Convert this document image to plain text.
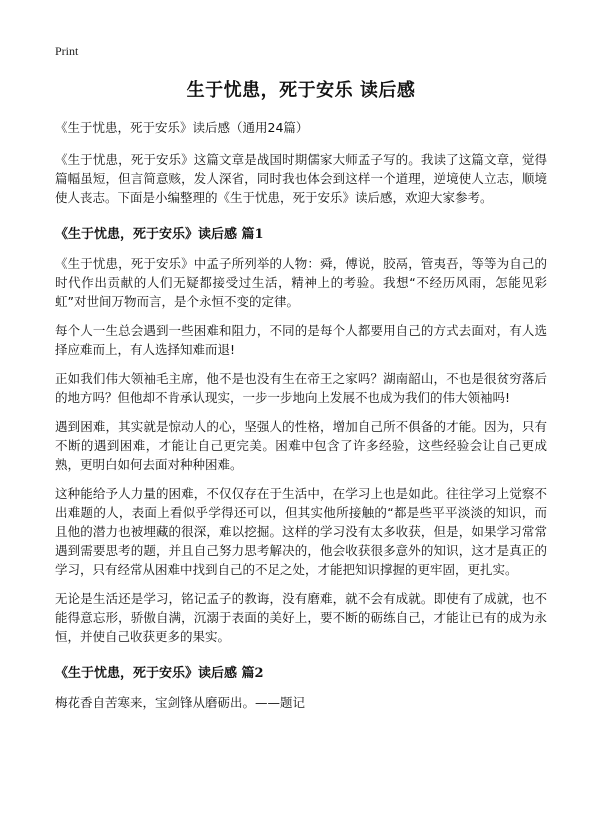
Print
生于忧患，死于安乐 读后感
《生于忧患，死于安乐》读后感（通用24篇）

《生于忧患，死于安乐》这篇文章是战国时期儒家大师孟子写的。我读了这篇文章，觉得篇幅虽短，但言简意赅，发人深省，同时我也体会到这样一个道理，逆境使人立志，顺境使人丧志。下面是小编整理的《生于忧患，死于安乐》读后感，欢迎大家参考。

《生于忧患，死于安乐》读后感 篇1

《生于忧患，死于安乐》中孟子所列举的人物：舜，傅说，胶鬲，管夷吾，等等为自己的时代作出贡献的人们无疑都接受过生活，精神上的考验。我想“不经历风雨，怎能见彩虹”对世间万物而言，是个永恒不变的定律。

每个人一生总会遇到一些困难和阻力，不同的是每个人都要用自己的方式去面对，有人选择应难而上，有人选择知难而退!

正如我们伟大领袖毛主席，他不是也没有生在帝王之家吗？湖南韶山，不也是很贫穷落后的地方吗？但他却不肯承认现实，一步一步地向上发展不也成为我们的伟大领袖吗!

遇到困难，其实就是惊动人的心，坚强人的性格，增加自己所不俱备的才能。因为，只有不断的遇到困难，才能让自己更完美。困难中包含了许多经验，这些经验会让自己更成熟，更明白如何去面对种种困难。

这种能给予人力量的困难，不仅仅存在于生活中，在学习上也是如此。往往学习上觉察不出难题的人，表面上看似乎学得还可以，但其实他所接触的“都是些平平淡淡的知识，而且他的潜力也被埋藏的很深，难以挖掘。这样的学习没有太多收获，但是，如果学习常常遇到需要思考的题，并且自己努力思考解决的，他会收获很多意外的知识，这才是真正的学习，只有经常从困难中找到自己的不足之处，才能把知识撑握的更牢固，更扎实。

无论是生活还是学习，铭记孟子的教诲，没有磨难，就不会有成就。即使有了成就，也不能得意忘形，骄傲自满，沉溺于表面的美好上，要不断的砺练自己，才能让已有的成为永恒，并使自己收获更多的果实。

《生于忧患，死于安乐》读后感 篇2

梅花香自苦寒来，宝剑锋从磨砺出。——题记
